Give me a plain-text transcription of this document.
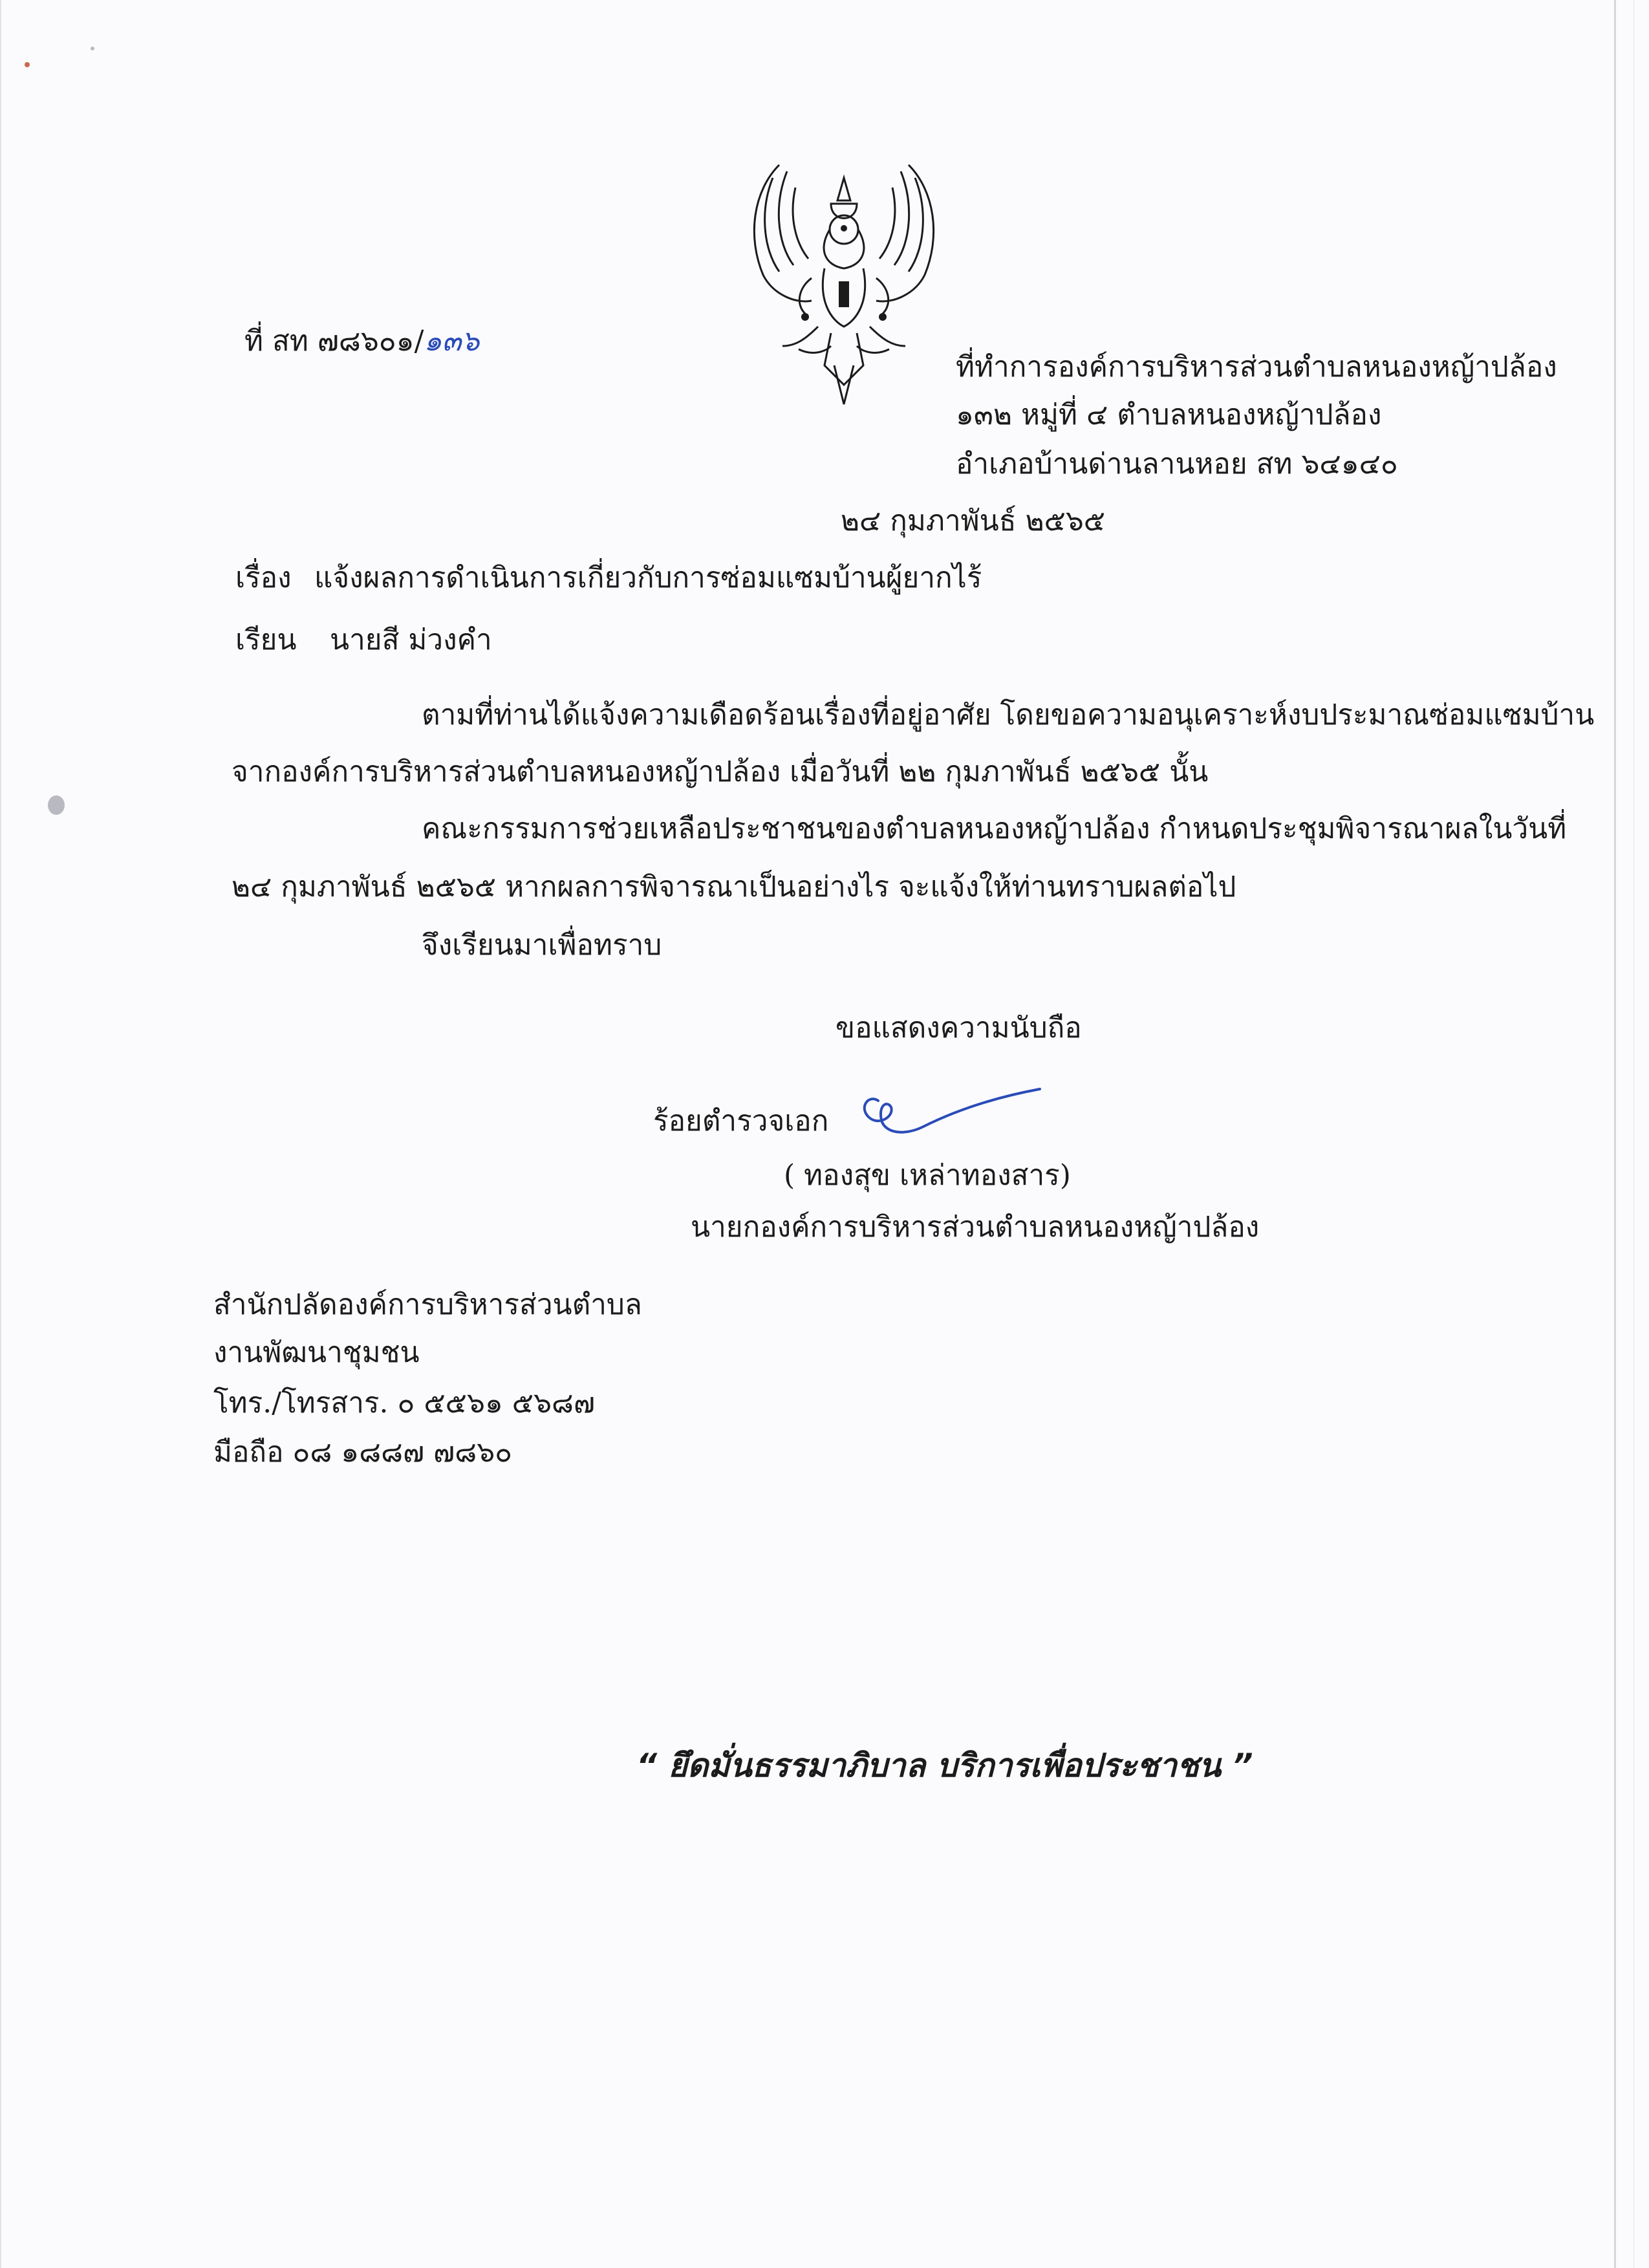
ที่ สท ๗๘๖๐๑/๑๓๖
ที่ทำการองค์การบริหารส่วนตำบลหนองหญ้าปล้อง
๑๓๒ หมู่ที่ ๔ ตำบลหนองหญ้าปล้อง
อำเภอบ้านด่านลานหอย สท ๖๔๑๔๐
๒๔ กุมภาพันธ์ ๒๕๖๕
เรื่อง แจ้งผลการดำเนินการเกี่ยวกับการซ่อมแซมบ้านผู้ยากไร้
เรียน นายสี ม่วงคำ
ตามที่ท่านได้แจ้งความเดือดร้อนเรื่องที่อยู่อาศัย โดยขอความอนุเคราะห์งบประมาณซ่อมแซมบ้าน
จากองค์การบริหารส่วนตำบลหนองหญ้าปล้อง เมื่อวันที่ ๒๒ กุมภาพันธ์ ๒๕๖๕ นั้น
คณะกรรมการช่วยเหลือประชาชนของตำบลหนองหญ้าปล้อง กำหนดประชุมพิจารณาผลในวันที่
๒๔ กุมภาพันธ์ ๒๕๖๕ หากผลการพิจารณาเป็นอย่างไร จะแจ้งให้ท่านทราบผลต่อไป
จึงเรียนมาเพื่อทราบ
ขอแสดงความนับถือ
ร้อยตำรวจเอก
( ทองสุข เหล่าทองสาร)
นายกองค์การบริหารส่วนตำบลหนองหญ้าปล้อง
สำนักปลัดองค์การบริหารส่วนตำบล
งานพัฒนาชุมชน
โทร./โทรสาร. ๐ ๕๕๖๑ ๕๖๘๗
มือถือ ๐๘ ๑๘๘๗ ๗๘๖๐
“ ยึดมั่นธรรมาภิบาล บริการเพื่อประชาชน ”
